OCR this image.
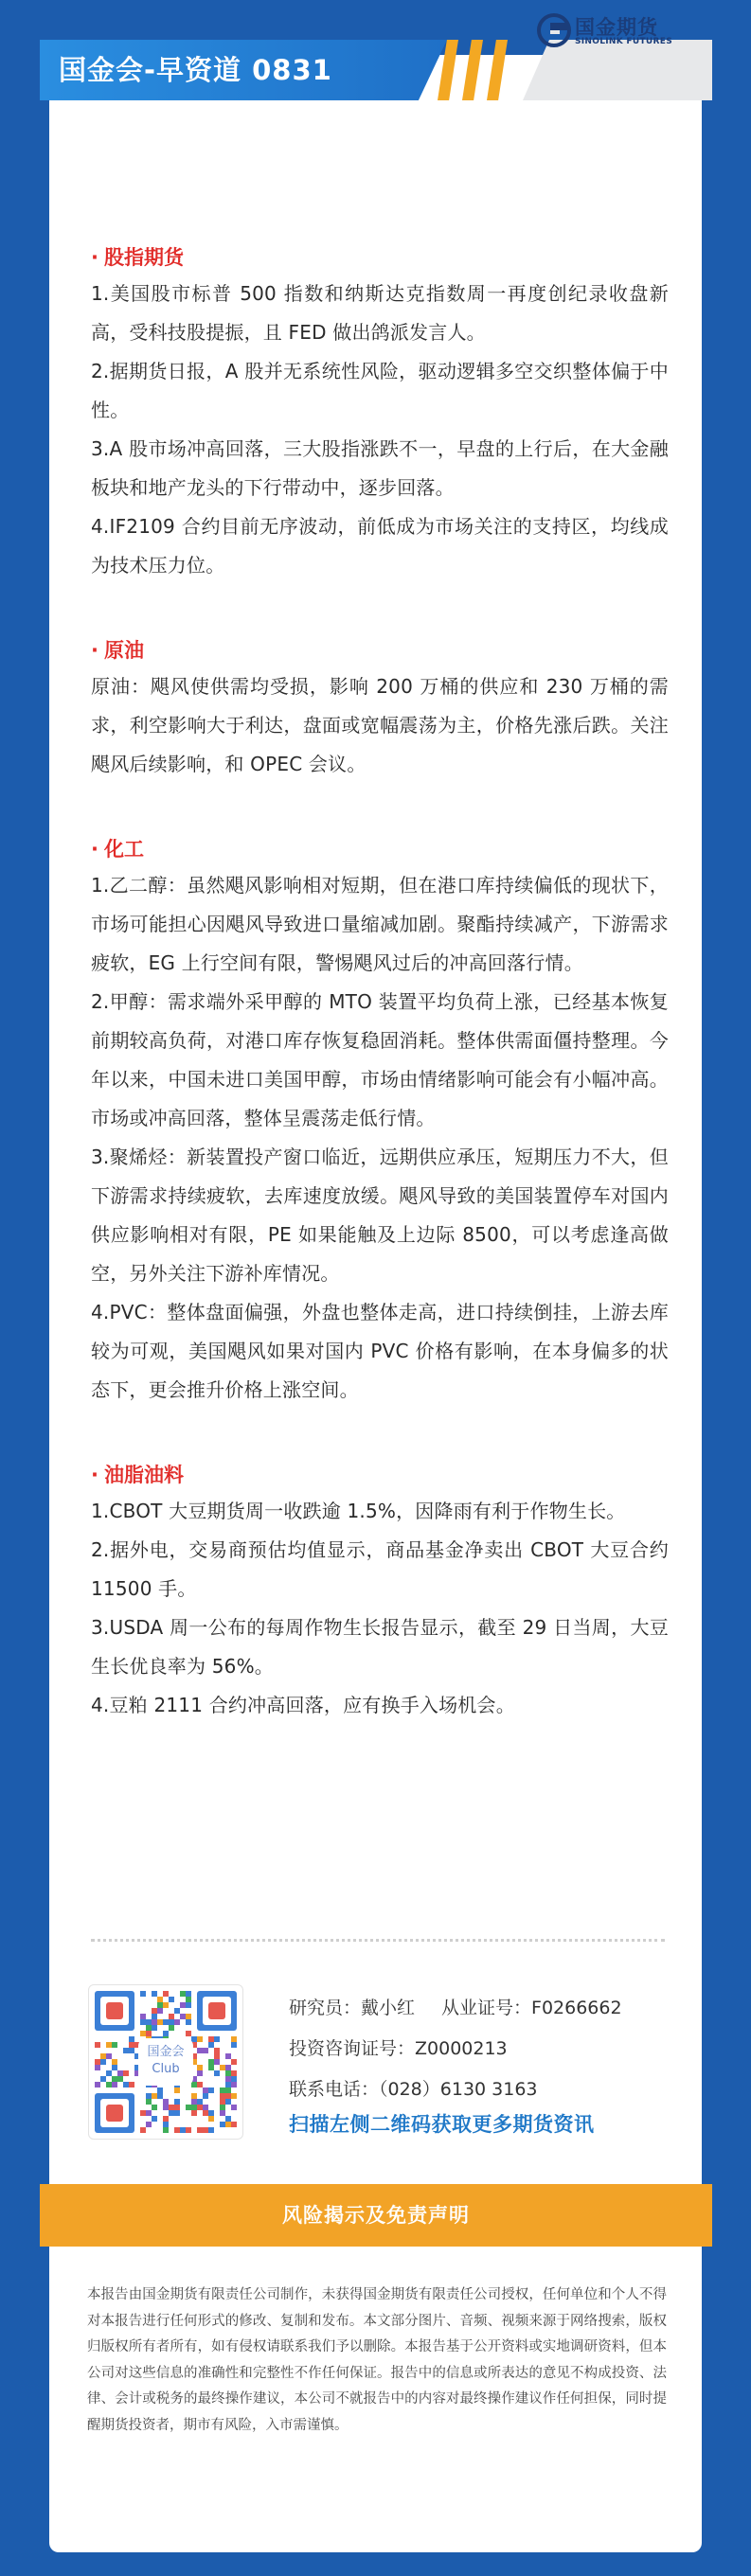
国金会-早资道 0831
国金期货
SINOLINK FUTURES
· 股指期货

1.美国股市标普 500 指数和纳斯达克指数周一再度创纪录收盘新高，受科技股提振，且 FED 做出鸽派发言人。

2.据期货日报，A 股并无系统性风险，驱动逻辑多空交织整体偏于中性。

3.A 股市场冲高回落，三大股指涨跌不一，早盘的上行后，在大金融板块和地产龙头的下行带动中，逐步回落。

4.IF2109 合约目前无序波动，前低成为市场关注的支持区，均线成为技术压力位。

· 原油

原油：飓风使供需均受损，影响 200 万桶的供应和 230 万桶的需求，利空影响大于利达，盘面或宽幅震荡为主，价格先涨后跌。关注飓风后续影响，和 OPEC 会议。

· 化工

1.乙二醇：虽然飓风影响相对短期，但在港口库持续偏低的现状下，市场可能担心因飓风导致进口量缩减加剧。聚酯持续减产，下游需求疲软，EG 上行空间有限，警惕飓风过后的冲高回落行情。

2.甲醇：需求端外采甲醇的 MTO 装置平均负荷上涨，已经基本恢复前期较高负荷，对港口库存恢复稳固消耗。整体供需面僵持整理。今年以来，中国未进口美国甲醇，市场由情绪影响可能会有小幅冲高。市场或冲高回落，整体呈震荡走低行情。

3.聚烯烃：新装置投产窗口临近，远期供应承压，短期压力不大，但下游需求持续疲软，去库速度放缓。飓风导致的美国装置停车对国内供应影响相对有限，PE 如果能触及上边际 8500，可以考虑逢高做空，另外关注下游补库情况。

4.PVC：整体盘面偏强，外盘也整体走高，进口持续倒挂，上游去库较为可观，美国飓风如果对国内 PVC 价格有影响，在本身偏多的状态下，更会推升价格上涨空间。

· 油脂油料

1.CBOT 大豆期货周一收跌逾 1.5%，因降雨有利于作物生长。

2.据外电，交易商预估均值显示，商品基金净卖出 CBOT 大豆合约 11500 手。

3.USDA 周一公布的每周作物生长报告显示，截至 29 日当周，大豆生长优良率为 56%。

4.豆粕 2111 合约冲高回落，应有换手入场机会。

国金会
Club
研究员：戴小红 从业证号：F0266662
投资咨询证号：Z0000213
联系电话：（028）6130 3163
扫描左侧二维码获取更多期货资讯
风险揭示及免责声明
本报告由国金期货有限责任公司制作，未获得国金期货有限责任公司授权，任何单位和个人不得对本报告进行任何形式的修改、复制和发布。本文部分图片、音频、视频来源于网络搜索，版权归版权所有者所有，如有侵权请联系我们予以删除。本报告基于公开资料或实地调研资料，但本公司对这些信息的准确性和完整性不作任何保证。报告中的信息或所表达的意见不构成投资、法律、会计或税务的最终操作建议，本公司不就报告中的内容对最终操作建议作任何担保，同时提醒期货投资者，期市有风险，入市需谨慎。
